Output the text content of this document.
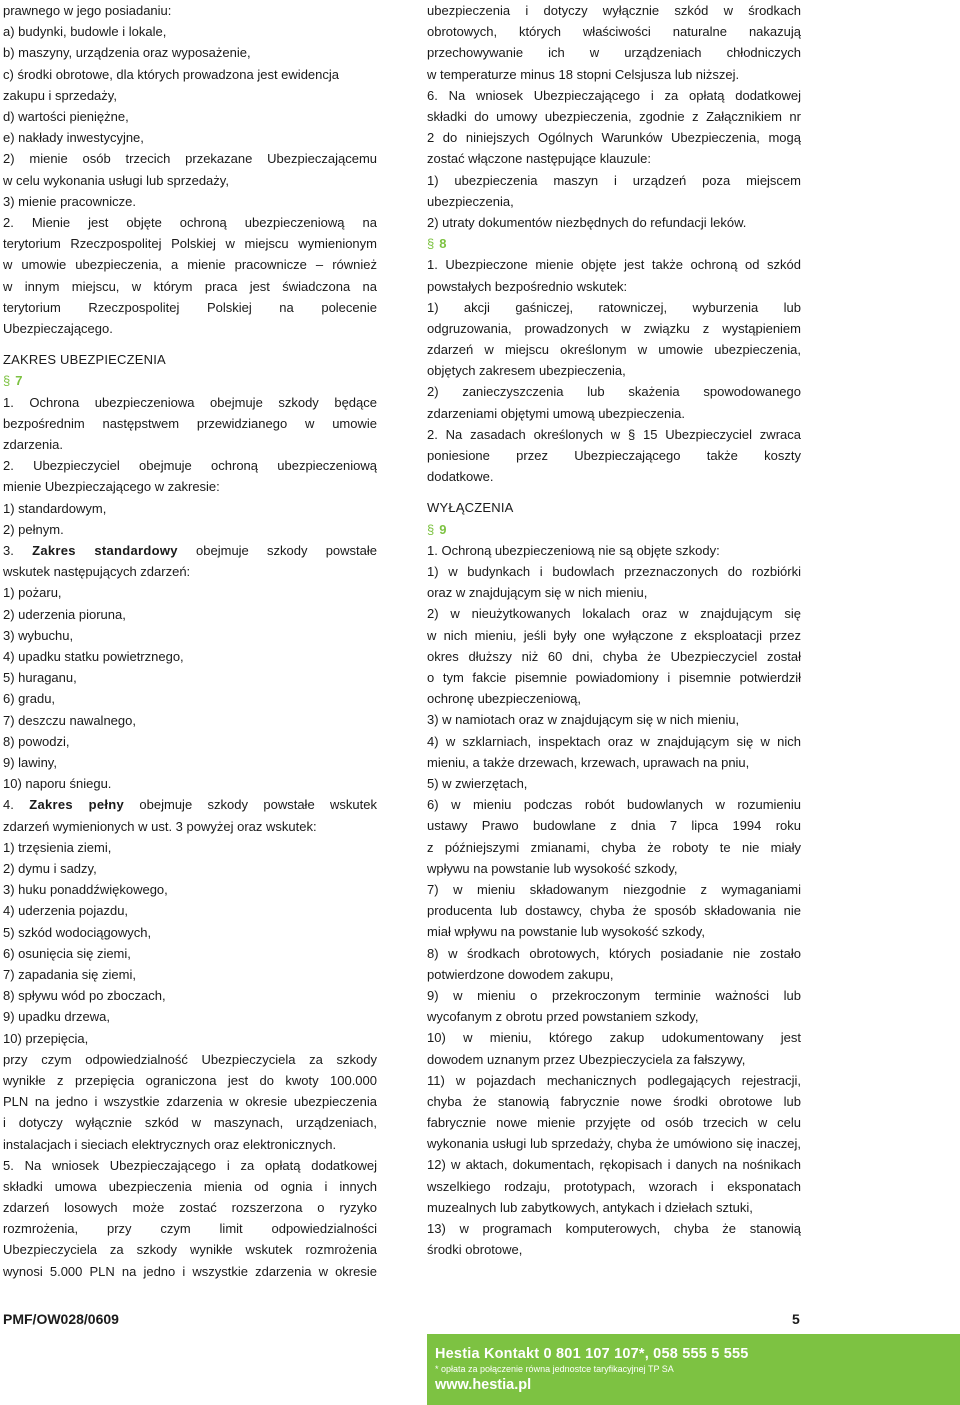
prawnego w jego posiadaniu:
a) budynki, budowle i lokale,
b) maszyny, urządzenia oraz wyposażenie,
c) środki obrotowe, dla których prowadzona jest ewidencja
zakupu i sprzedaży,
d) wartości pieniężne,
e) nakłady inwestycyjne,
2) mienie osób trzecich przekazane Ubezpieczającemu
w celu wykonania usługi lub sprzedaży,
3) mienie pracownicze.
2. Mienie jest objęte ochroną ubezpieczeniową na
terytorium Rzeczpospolitej Polskiej w miejscu wymienionym
w umowie ubezpieczenia, a mienie pracownicze – również
w innym miejscu, w którym praca jest świadczona na
terytorium Rzeczpospolitej Polskiej na polecenie
Ubezpieczającego.
ZAKRES UBEZPIECZENIA
§ 7
1. Ochrona ubezpieczeniowa obejmuje szkody będące
bezpośrednim następstwem przewidzianego w umowie
zdarzenia.
2. Ubezpieczyciel obejmuje ochroną ubezpieczeniową
mienie Ubezpieczającego w zakresie:
1) standardowym,
2) pełnym.
3. Zakres standardowy obejmuje szkody powstałe
wskutek następujących zdarzeń:
1) pożaru,
2) uderzenia pioruna,
3) wybuchu,
4) upadku statku powietrznego,
5) huraganu,
6) gradu,
7) deszczu nawalnego,
8) powodzi,
9) lawiny,
10) naporu śniegu.
4. Zakres pełny obejmuje szkody powstałe wskutek
zdarzeń wymienionych w ust. 3 powyżej oraz wskutek:
1) trzęsienia ziemi,
2) dymu i sadzy,
3) huku ponaddźwiękowego,
4) uderzenia pojazdu,
5) szkód wodociągowych,
6) osunięcia się ziemi,
7) zapadania się ziemi,
8) spływu wód po zboczach,
9) upadku drzewa,
10) przepięcia,
przy czym odpowiedzialność Ubezpieczyciela za szkody
wynikłe z przepięcia ograniczona jest do kwoty 100.000
PLN na jedno i wszystkie zdarzenia w okresie ubezpieczenia
i dotyczy wyłącznie szkód w maszynach, urządzeniach,
instalacjach i sieciach elektrycznych oraz elektronicznych.
5. Na wniosek Ubezpieczającego i za opłatą dodatkowej
składki umowa ubezpieczenia mienia od ognia i innych
zdarzeń losowych może zostać rozszerzona o ryzyko
rozmrożenia, przy czym limit odpowiedzialności
Ubezpieczyciela za szkody wynikłe wskutek rozmrożenia
wynosi 5.000 PLN na jedno i wszystkie zdarzenia w okresie
ubezpieczenia i dotyczy wyłącznie szkód w środkach
obrotowych, których właściwości naturalne nakazują
przechowywanie ich w urządzeniach chłodniczych
w temperaturze minus 18 stopni Celsjusza lub niższej.
6. Na wniosek Ubezpieczającego i za opłatą dodatkowej
składki do umowy ubezpieczenia, zgodnie z Załącznikiem nr
2 do niniejszych Ogólnych Warunków Ubezpieczenia, mogą
zostać włączone następujące klauzule:
1) ubezpieczenia maszyn i urządzeń poza miejscem
ubezpieczenia,
2) utraty dokumentów niezbędnych do refundacji leków.
§ 8
1. Ubezpieczone mienie objęte jest także ochroną od szkód
powstałych bezpośrednio wskutek:
1) akcji gaśniczej, ratowniczej, wyburzenia lub
odgruzowania, prowadzonych w związku z wystąpieniem
zdarzeń w miejscu określonym w umowie ubezpieczenia,
objętych zakresem ubezpieczenia,
2) zanieczyszczenia lub skażenia spowodowanego
zdarzeniami objętymi umową ubezpieczenia.
2. Na zasadach określonych w § 15 Ubezpieczyciel zwraca
poniesione przez Ubezpieczającego także koszty
dodatkowe.
WYŁĄCZENIA
§ 9
1. Ochroną ubezpieczeniową nie są objęte szkody:
1) w budynkach i budowlach przeznaczonych do rozbiórki
oraz w znajdującym się w nich mieniu,
2) w nieużytkowanych lokalach oraz w znajdującym się
w nich mieniu, jeśli były one wyłączone z eksploatacji przez
okres dłuższy niż 60 dni, chyba że Ubezpieczyciel został
o tym fakcie pisemnie powiadomiony i pisemnie potwierdził
ochronę ubezpieczeniową,
3) w namiotach oraz w znajdującym się w nich mieniu,
4) w szklarniach, inspektach oraz w znajdującym się w nich
mieniu, a także drzewach, krzewach, uprawach na pniu,
5) w zwierzętach,
6) w mieniu podczas robót budowlanych w rozumieniu
ustawy Prawo budowlane z dnia 7 lipca 1994 roku
z późniejszymi zmianami, chyba że roboty te nie miały
wpływu na powstanie lub wysokość szkody,
7) w mieniu składowanym niezgodnie z wymaganiami
producenta lub dostawcy, chyba że sposób składowania nie
miał wpływu na powstanie lub wysokość szkody,
8) w środkach obrotowych, których posiadanie nie zostało
potwierdzone dowodem zakupu,
9) w mieniu o przekroczonym terminie ważności lub
wycofanym z obrotu przed powstaniem szkody,
10) w mieniu, którego zakup udokumentowany jest
dowodem uznanym przez Ubezpieczyciela za fałszywy,
11) w pojazdach mechanicznych podlegających rejestracji,
chyba że stanowią fabrycznie nowe środki obrotowe lub
fabrycznie nowe mienie przyjęte od osób trzecich w celu
wykonania usługi lub sprzedaży, chyba że umówiono się inaczej,
12) w aktach, dokumentach, rękopisach i danych na nośnikach
wszelkiego rodzaju, prototypach, wzorach i eksponatach
muzealnych lub zabytkowych, antykach i dziełach sztuki,
13) w programach komputerowych, chyba że stanowią
środki obrotowe,
PMF/OW028/0609	5
Hestia Kontakt 0 801 107 107*, 058 555 5 555
* opłata za połączenie równa jednostce taryfikacyjnej TP SA
www.hestia.pl
